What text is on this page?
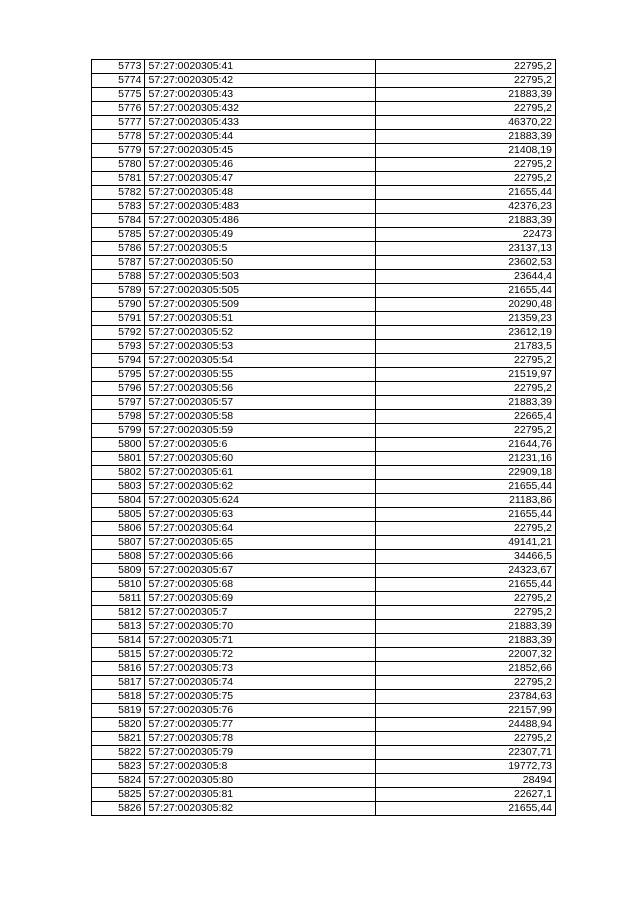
5773	57:27:0020305:41	22795,2
5774	57:27:0020305:42	22795,2
5775	57:27:0020305:43	21883,39
5776	57:27:0020305:432	22795,2
5777	57:27:0020305:433	46370,22
5778	57:27:0020305:44	21883,39
5779	57:27:0020305:45	21408,19
5780	57:27:0020305:46	22795,2
5781	57:27:0020305:47	22795,2
5782	57:27:0020305:48	21655,44
5783	57:27:0020305:483	42376,23
5784	57:27:0020305:486	21883,39
5785	57:27:0020305:49	22473
5786	57:27:0020305:5	23137,13
5787	57:27:0020305:50	23602,53
5788	57:27:0020305:503	23644,4
5789	57:27:0020305:505	21655,44
5790	57:27:0020305:509	20290,48
5791	57:27:0020305:51	21359,23
5792	57:27:0020305:52	23612,19
5793	57:27:0020305:53	21783,5
5794	57:27:0020305:54	22795,2
5795	57:27:0020305:55	21519,97
5796	57:27:0020305:56	22795,2
5797	57:27:0020305:57	21883,39
5798	57:27:0020305:58	22665,4
5799	57:27:0020305:59	22795,2
5800	57:27:0020305:6	21644,76
5801	57:27:0020305:60	21231,16
5802	57:27:0020305:61	22909,18
5803	57:27:0020305:62	21655,44
5804	57:27:0020305:624	21183,86
5805	57:27:0020305:63	21655,44
5806	57:27:0020305:64	22795,2
5807	57:27:0020305:65	49141,21
5808	57:27:0020305:66	34466,5
5809	57:27:0020305:67	24323,67
5810	57:27:0020305:68	21655,44
5811	57:27:0020305:69	22795,2
5812	57:27:0020305:7	22795,2
5813	57:27:0020305:70	21883,39
5814	57:27:0020305:71	21883,39
5815	57:27:0020305:72	22007,32
5816	57:27:0020305:73	21852,66
5817	57:27:0020305:74	22795,2
5818	57:27:0020305:75	23784,63
5819	57:27:0020305:76	22157,99
5820	57:27:0020305:77	24488,94
5821	57:27:0020305:78	22795,2
5822	57:27:0020305:79	22307,71
5823	57:27:0020305:8	19772,73
5824	57:27:0020305:80	28494
5825	57:27:0020305:81	22627,1
5826	57:27:0020305:82	21655,44
